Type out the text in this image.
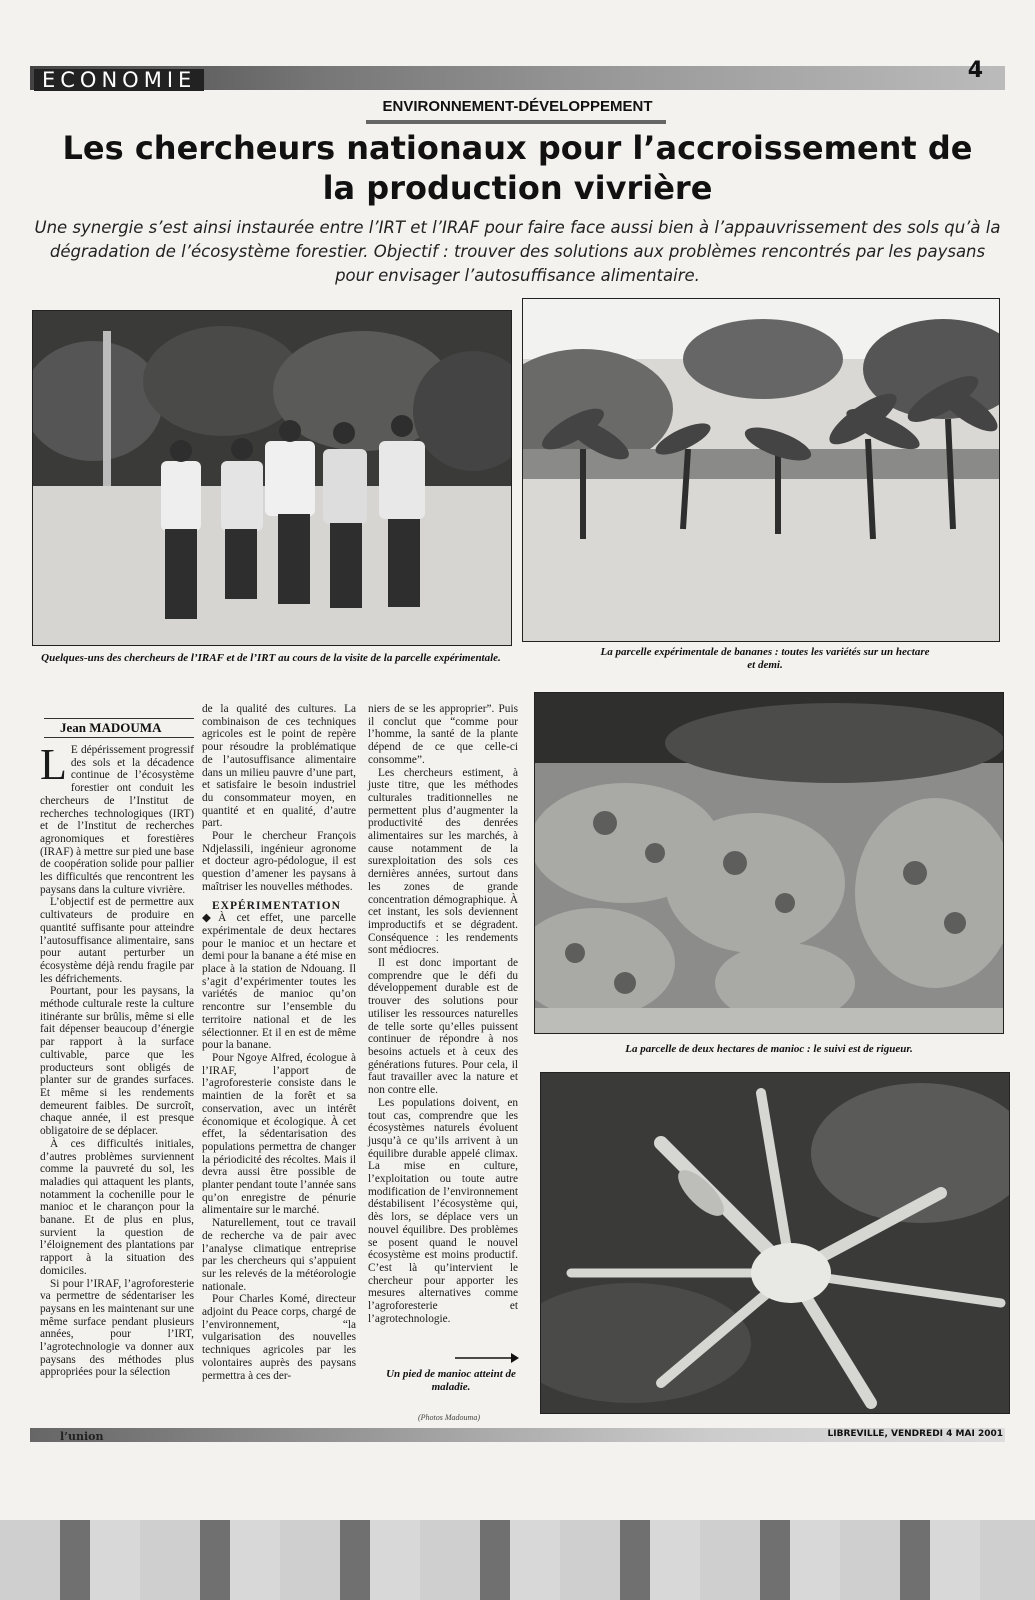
ECONOMIE	4
ENVIRONNEMENT-DÉVELOPPEMENT
Les chercheurs nationaux pour l’accroissement de la production vivrière
Une synergie s’est ainsi instaurée entre l’IRT et l’IRAF pour faire face aussi bien à l’appauvrissement des sols qu’à la dégradation de l’écosystème forestier. Objectif : trouver des solutions aux problèmes rencontrés par les paysans pour envisager l’autosuffisance alimentaire.
Quelques-uns des chercheurs de l’IRAF et de l’IRT au cours de la visite de la parcelle expérimentale.	La parcelle expérimentale de bananes : toutes les variétés sur un hectare et demi.
La parcelle de deux hectares de manioc : le suivi est de rigueur.
Jean MADOUMA

L E dépérissement progressif des sols et la décadence continue de l’écosystème forestier ont conduit les chercheurs de l’Institut de recherches technologiques (IRT) et de l’Institut de recherches agronomiques et forestières (IRAF) à mettre sur pied une base de coopération solide pour pallier les difficultés que rencontrent les paysans dans la culture vivrière.

L’objectif est de permettre aux cultivateurs de produire en quantité suffisante pour atteindre l’autosuffisance alimentaire, sans pour autant perturber un écosystème déjà rendu fragile par les défrichements.

Pourtant, pour les paysans, la méthode culturale reste la culture itinérante sur brûlis, même si elle fait dépenser beaucoup d’énergie par rapport à la surface cultivable, parce que les producteurs sont obligés de planter sur de grandes surfaces. Et même si les rendements demeurent faibles. De surcroît, chaque année, il est presque obligatoire de se déplacer.

À ces difficultés initiales, d’autres problèmes surviennent comme la pauvreté du sol, les maladies qui attaquent les plants, notamment la cochenille pour le manioc et le charançon pour la banane. Et de plus en plus, survient la question de l’éloignement des plantations par rapport à la situation des domiciles.

Si pour l’IRAF, l’agroforesterie va permettre de sédentariser les paysans en les maintenant sur une même surface pendant plusieurs années, pour l’IRT, l’agrotechnologie va donner aux paysans des méthodes plus appropriées pour la sélection

de la qualité des cultures. La combinaison de ces techniques agricoles est le point de repère pour résoudre la problématique de l’autosuffisance alimentaire dans un milieu pauvre d’une part, et satisfaire le besoin industriel du consommateur moyen, en quantité et en qualité, d’autre part.

Pour le chercheur François Ndjelassili, ingénieur agronome et docteur agro-pédologue, il est question d’amener les paysans à maîtriser les nouvelles méthodes.

EXPÉRIMENTATION

◆À cet effet, une parcelle expérimentale de deux hectares pour le manioc et un hectare et demi pour la banane a été mise en place à la station de Ndouang. Il s’agit d’expérimenter toutes les variétés de manioc qu’on rencontre sur l’ensemble du territoire national et de les sélectionner. Et il en est de même pour la banane.

Pour Ngoye Alfred, écologue à l’IRAF, l’apport de l’agroforesterie consiste dans le maintien de la forêt et sa conservation, avec un intérêt économique et écologique. À cet effet, la sédentarisation des populations permettra de changer la périodicité des récoltes. Mais il devra aussi être possible de planter pendant toute l’année sans qu’on enregistre de pénurie alimentaire sur le marché.

Naturellement, tout ce travail de recherche va de pair avec l’analyse climatique entreprise par les chercheurs qui s’appuient sur les relevés de la météorologie nationale.

Pour Charles Komé, directeur adjoint du Peace corps, chargé de l’environnement, “la vulgarisation des nouvelles techniques agricoles par les volontaires auprès des paysans permettra à ces der-

niers de se les approprier”. Puis il conclut que “comme pour l’homme, la santé de la plante dépend de ce que celle-ci consomme”.

Les chercheurs estiment, à juste titre, que les méthodes culturales traditionnelles ne permettent plus d’augmenter la productivité des denrées alimentaires sur les marchés, à cause notamment de la surexploitation des sols ces dernières années, surtout dans les zones de grande concentration démographique. À cet instant, les sols deviennent improductifs et se dégradent. Conséquence : les rendements sont médiocres.

Il est donc important de comprendre que le défi du développement durable est de trouver des solutions pour utiliser les ressources naturelles de telle sorte qu’elles puissent continuer de répondre à nos besoins actuels et à ceux des générations futures. Pour cela, il faut travailler avec la nature et non contre elle.

Les populations doivent, en tout cas, comprendre que les écosystèmes naturels évoluent jusqu’à ce qu’ils arrivent à un équilibre durable appelé climax. La mise en culture, l’exploitation ou toute autre modification de l’environnement déstabilisent l’écosystème qui, dès lors, se déplace vers un nouvel équilibre. Des problèmes se posent quand le nouvel écosystème est moins productif. C’est là qu’intervient le chercheur pour apporter les mesures alternatives comme l’agroforesterie et l’agrotechnologie.

Un pied de manioc atteint de maladie.
(Photos Madouma)
l’union	LIBREVILLE, VENDREDI 4 MAI 2001
